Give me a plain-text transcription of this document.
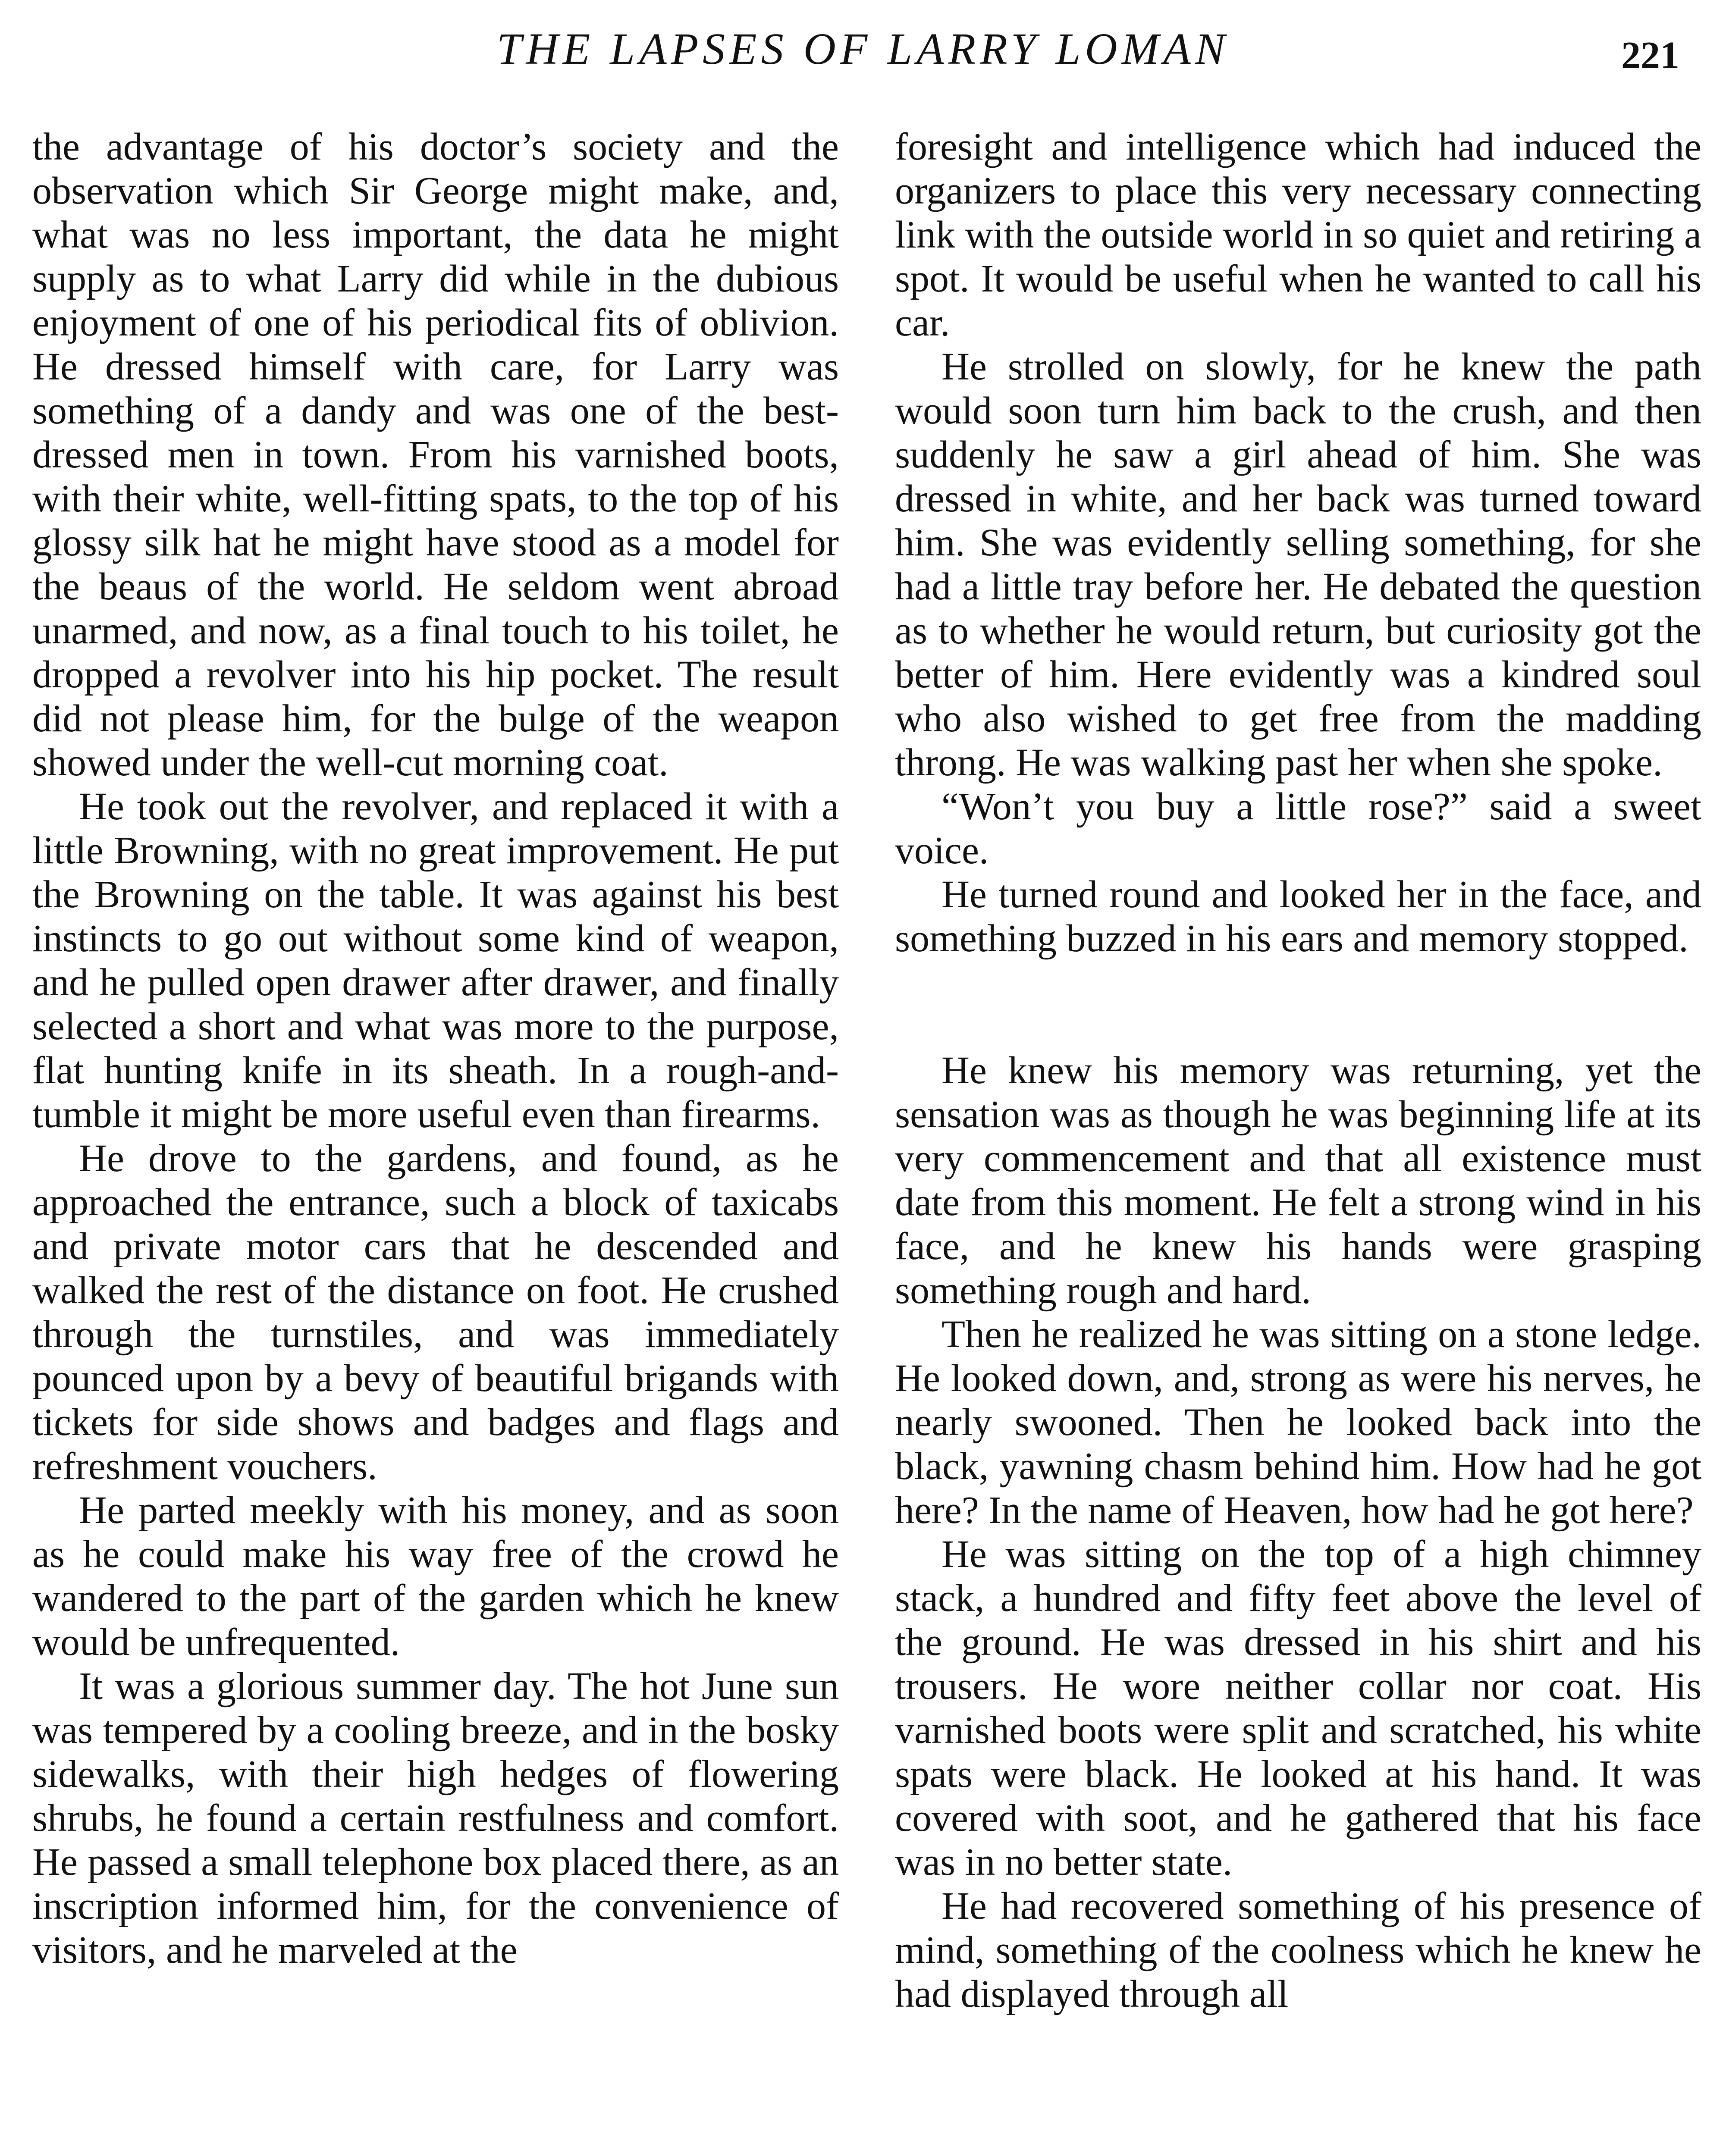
THE LAPSES OF LARRY LOMAN	221

the advantage of his doctor’s society and the observation which Sir George might make, and, what was no less important, the data he might supply as to what Larry did while in the dubious enjoyment of one of his periodical fits of oblivion. He dressed himself with care, for Larry was something of a dandy and was one of the best-dressed men in town. From his varnished boots, with their white, well-fitting spats, to the top of his glossy silk hat he might have stood as a model for the beaus of the world. He seldom went abroad unarmed, and now, as a final touch to his toilet, he dropped a revolver into his hip pocket. The result did not please him, for the bulge of the weapon showed under the well-cut morning coat.

He took out the revolver, and replaced it with a little Browning, with no great improvement. He put the Browning on the table. It was against his best instincts to go out without some kind of weapon, and he pulled open drawer after drawer, and finally selected a short and what was more to the purpose, flat hunting knife in its sheath. In a rough-and-tumble it might be more useful even than firearms.

He drove to the gardens, and found, as he approached the entrance, such a block of taxicabs and private motor cars that he descended and walked the rest of the distance on foot. He crushed through the turnstiles, and was immediately pounced upon by a bevy of beautiful brigands with tickets for side shows and badges and flags and refreshment vouchers.

He parted meekly with his money, and as soon as he could make his way free of the crowd he wandered to the part of the garden which he knew would be unfrequented.

It was a glorious summer day. The hot June sun was tempered by a cooling breeze, and in the bosky sidewalks, with their high hedges of flowering shrubs, he found a certain restfulness and comfort. He passed a small telephone box placed there, as an inscription informed him, for the convenience of visitors, and he marveled at the

foresight and intelligence which had induced the organizers to place this very necessary connecting link with the outside world in so quiet and retiring a spot. It would be useful when he wanted to call his car.

He strolled on slowly, for he knew the path would soon turn him back to the crush, and then suddenly he saw a girl ahead of him. She was dressed in white, and her back was turned toward him. She was evidently selling something, for she had a little tray before her. He debated the question as to whether he would return, but curiosity got the better of him. Here evidently was a kindred soul who also wished to get free from the madding throng. He was walking past her when she spoke.

“Won’t you buy a little rose?” said a sweet voice.

He turned round and looked her in the face, and something buzzed in his ears and memory stopped.

He knew his memory was returning, yet the sensation was as though he was beginning life at its very commencement and that all existence must date from this moment. He felt a strong wind in his face, and he knew his hands were grasping something rough and hard.

Then he realized he was sitting on a stone ledge. He looked down, and, strong as were his nerves, he nearly swooned. Then he looked back into the black, yawning chasm behind him. How had he got here? In the name of Heaven, how had he got here?

He was sitting on the top of a high chimney stack, a hundred and fifty feet above the level of the ground. He was dressed in his shirt and his trousers. He wore neither collar nor coat. His varnished boots were split and scratched, his white spats were black. He looked at his hand. It was covered with soot, and he gathered that his face was in no better state.

He had recovered something of his presence of mind, something of the coolness which he knew he had displayed through all
